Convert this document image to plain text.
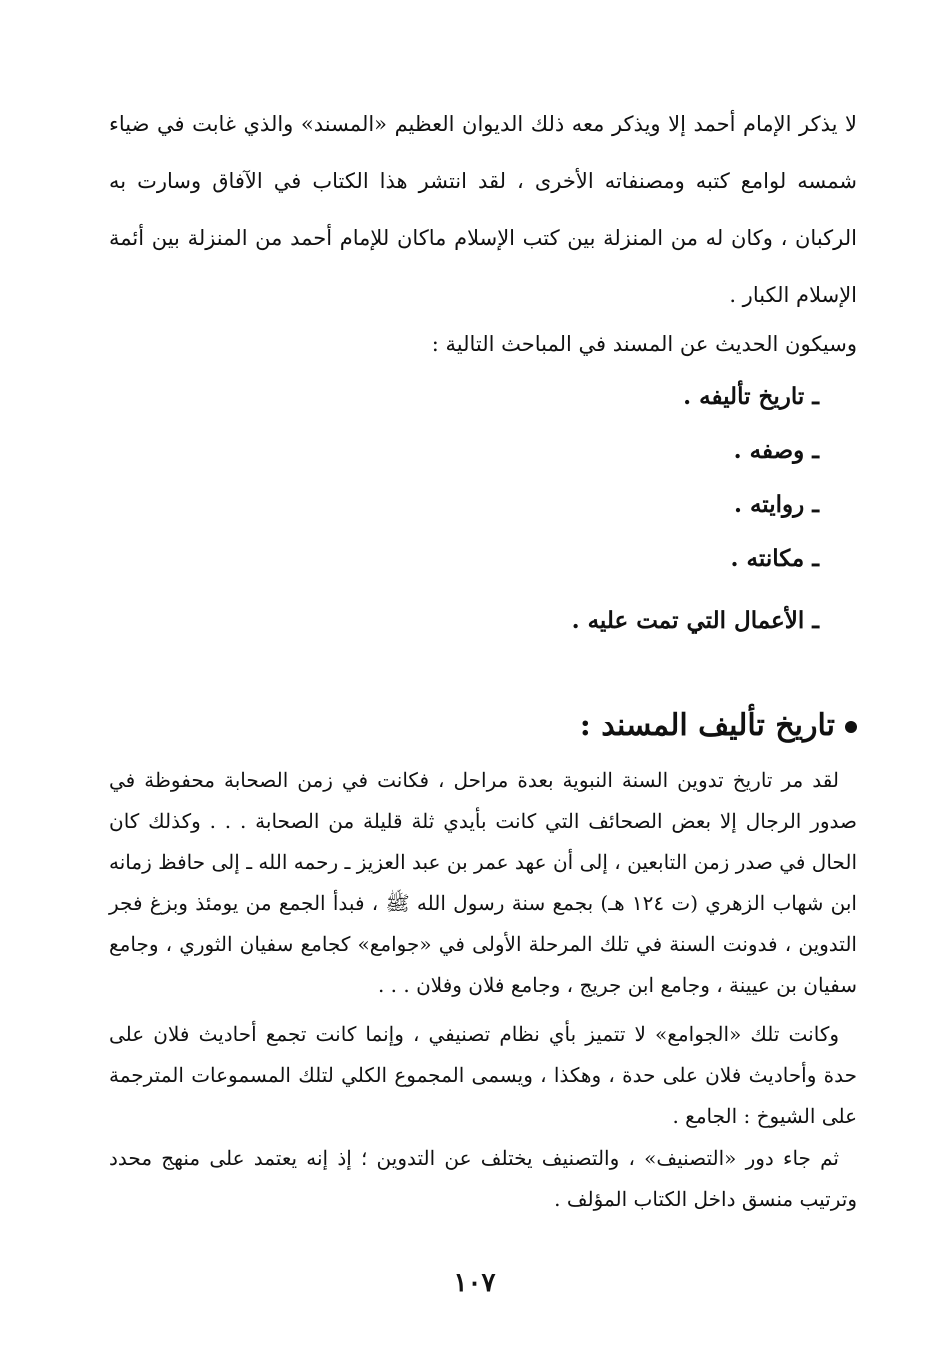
لا يذكر الإمام أحمد إلا ويذكر معه ذلك الديوان العظيم «المسند» والذي غابت في ضياء شمسه لوامع كتبه ومصنفاته الأخرى ، لقد انتشر هذا الكتاب في الآفاق وسارت به الركبان ، وكان له من المنزلة بين كتب الإسلام ماكان للإمام أحمد من المنزلة بين أئمة الإسلام الكبار .

وسيكون الحديث عن المسند في المباحث التالية :

ـ تاريخ تأليفه .
ـ وصفه .
ـ روايته .
ـ مكانته .
ـ الأعمال التي تمت عليه .
تاريخ تأليف المسند :

لقد مر تاريخ تدوين السنة النبوية بعدة مراحل ، فكانت في زمن الصحابة محفوظة في صدور الرجال إلا بعض الصحائف التي كانت بأيدي ثلة قليلة من الصحابة . . . وكذلك كان الحال في صدر زمن التابعين ، إلى أن عهد عمر بن عبد العزيز ـ رحمه الله ـ إلى حافظ زمانه ابن شهاب الزهري (ت ١٢٤ هـ) بجمع سنة رسول الله ﷺ ، فبدأ الجمع من يومئذ وبزغ فجر التدوين ، فدونت السنة في تلك المرحلة الأولى في «جوامع» كجامع سفيان الثوري ، وجامع سفيان بن عيينة ، وجامع ابن جريج ، وجامع فلان وفلان . . .

وكانت تلك «الجوامع» لا تتميز بأي نظام تصنيفي ، وإنما كانت تجمع أحاديث فلان على حدة وأحاديث فلان على حدة ، وهكذا ، ويسمى المجموع الكلي لتلك المسموعات المترجمة على الشيوخ : الجامع .

ثم جاء دور «التصنيف» ، والتصنيف يختلف عن التدوين ؛ إذ إنه يعتمد على منهج محدد وترتيب منسق داخل الكتاب المؤلف .

١٠٧
